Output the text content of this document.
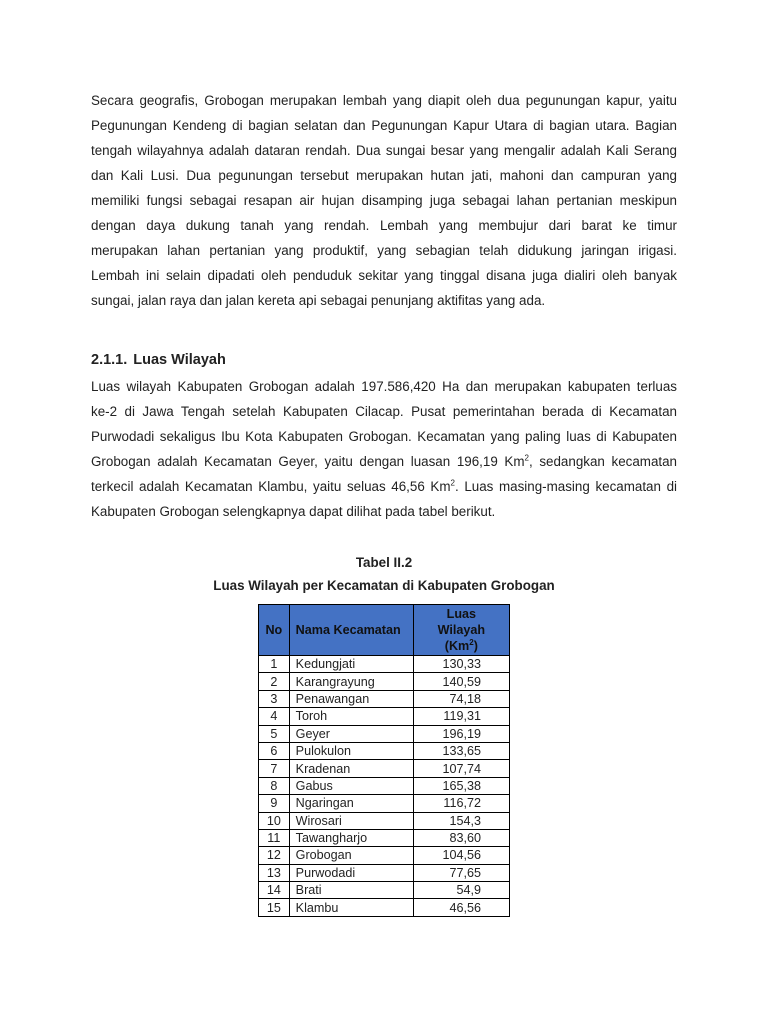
Secara geografis, Grobogan merupakan lembah yang diapit oleh dua pegunungan kapur, yaitu
Pegunungan Kendeng di bagian selatan dan Pegunungan Kapur Utara di bagian utara. Bagian
tengah wilayahnya adalah dataran rendah. Dua sungai besar yang mengalir adalah Kali Serang
dan Kali Lusi. Dua pegunungan tersebut merupakan hutan jati, mahoni dan campuran yang
memiliki fungsi sebagai resapan air hujan disamping juga sebagai lahan pertanian meskipun
dengan daya dukung tanah yang rendah. Lembah yang membujur dari barat ke timur
merupakan lahan pertanian yang produktif, yang sebagian telah didukung jaringan irigasi.
Lembah ini selain dipadati oleh penduduk sekitar yang tinggal disana juga dialiri oleh banyak
sungai, jalan raya dan jalan kereta api sebagai penunjang aktifitas yang ada.
2.1.1. Luas Wilayah
Luas wilayah Kabupaten Grobogan adalah 197.586,420 Ha dan merupakan kabupaten terluas
ke-2 di Jawa Tengah setelah Kabupaten Cilacap. Pusat pemerintahan berada di Kecamatan
Purwodadi sekaligus Ibu Kota Kabupaten Grobogan. Kecamatan yang paling luas di Kabupaten
Grobogan adalah Kecamatan Geyer, yaitu dengan luasan 196,19 Km$^2$, sedangkan kecamatan
terkecil adalah Kecamatan Klambu, yaitu seluas 46,56 Km$^2$. Luas masing-masing kecamatan di
Kabupaten Grobogan selengkapnya dapat dilihat pada tabel berikut.

Tabel II.2

Luas Wilayah per Kecamatan di Kabupaten Grobogan

No	Nama Kecamatan	Luas
Wilayah
(Km$^2$)
1	Kedungjati	130,33
2	Karangrayung	140,59
3	Penawangan	74,18
4	Toroh	119,31
5	Geyer	196,19
6	Pulokulon	133,65
7	Kradenan	107,74
8	Gabus	165,38
9	Ngaringan	116,72
10	Wirosari	154,3
11	Tawangharjo	83,60
12	Grobogan	104,56
13	Purwodadi	77,65
14	Brati	54,9
15	Klambu	46,56
